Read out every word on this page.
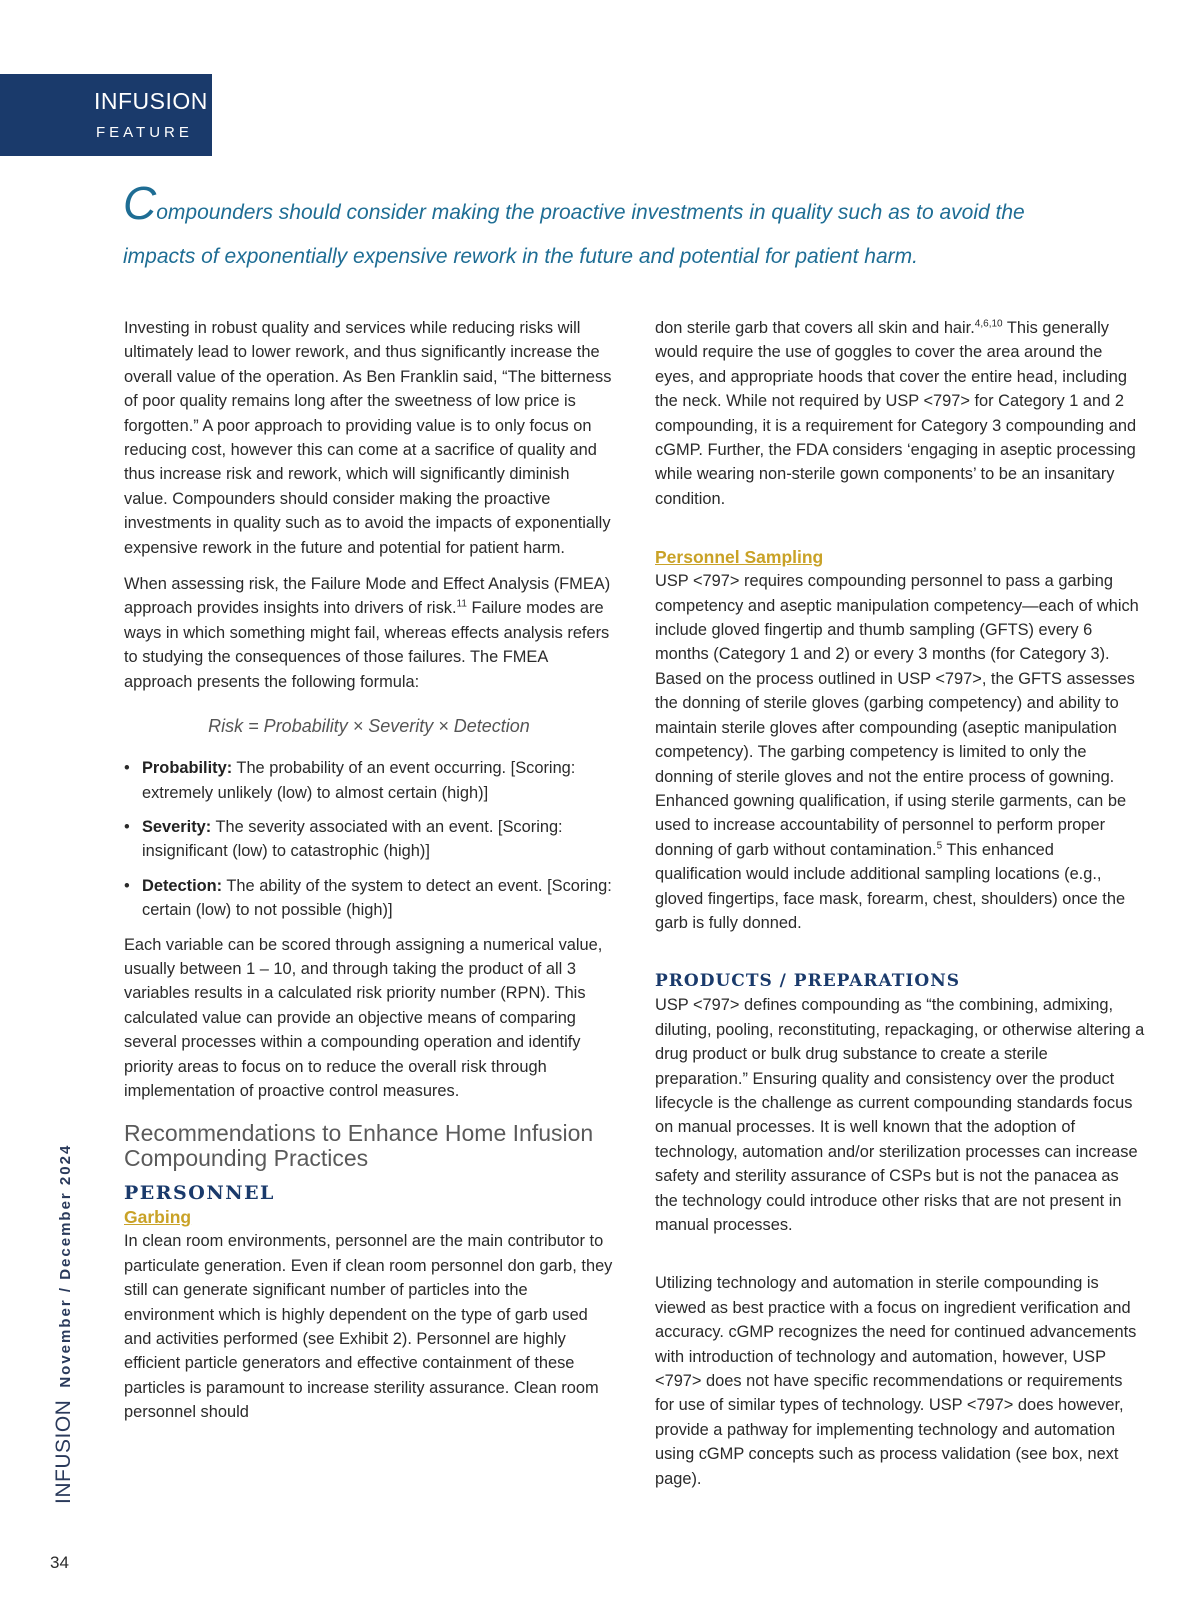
INFUSION
FEATURE
Compounders should consider making the proactive investments in quality such as to avoid the impacts of exponentially expensive rework in the future and potential for patient harm.

Investing in robust quality and services while reducing risks will ultimately lead to lower rework, and thus significantly increase the overall value of the operation. As Ben Franklin said, “The bitterness of poor quality remains long after the sweetness of low price is forgotten.” A poor approach to providing value is to only focus on reducing cost, however this can come at a sacrifice of quality and thus increase risk and rework, which will significantly diminish value. Compounders should consider making the proactive investments in quality such as to avoid the impacts of exponentially expensive rework in the future and potential for patient harm.

When assessing risk, the Failure Mode and Effect Analysis (FMEA) approach provides insights into drivers of risk.$^{11}$ Failure modes are ways in which something might fail, whereas effects analysis refers to studying the consequences of those failures. The FMEA approach presents the following formula:

Risk = Probability × Severity × Detection
• Probability: The probability of an event occurring. [Scoring: extremely unlikely (low) to almost certain (high)]
• Severity: The severity associated with an event. [Scoring: insignificant (low) to catastrophic (high)]
• Detection: The ability of the system to detect an event. [Scoring: certain (low) to not possible (high)]

Each variable can be scored through assigning a numerical value, usually between 1 – 10, and through taking the product of all 3 variables results in a calculated risk priority number (RPN). This calculated value can provide an objective means of comparing several processes within a compounding operation and identify priority areas to focus on to reduce the overall risk through implementation of proactive control measures.

Recommendations to Enhance Home Infusion Compounding Practices
PERSONNEL
Garbing

In clean room environments, personnel are the main contributor to particulate generation. Even if clean room personnel don garb, they still can generate significant number of particles into the environment which is highly dependent on the type of garb used and activities performed (see Exhibit 2). Personnel are highly efficient particle generators and effective containment of these particles is paramount to increase sterility assurance. Clean room personnel should

don sterile garb that covers all skin and hair.$^{4,6,10}$ This generally would require the use of goggles to cover the area around the eyes, and appropriate hoods that cover the entire head, including the neck. While not required by USP <797> for Category 1 and 2 compounding, it is a requirement for Category 3 compounding and cGMP. Further, the FDA considers ‘engaging in aseptic processing while wearing non-sterile gown components’ to be an insanitary condition.

Personnel Sampling

USP <797> requires compounding personnel to pass a garbing competency and aseptic manipulation competency—each of which include gloved fingertip and thumb sampling (GFTS) every 6 months (Category 1 and 2) or every 3 months (for Category 3). Based on the process outlined in USP <797>, the GFTS assesses the donning of sterile gloves (garbing competency) and ability to maintain sterile gloves after compounding (aseptic manipulation competency). The garbing competency is limited to only the donning of sterile gloves and not the entire process of gowning. Enhanced gowning qualification, if using sterile garments, can be used to increase accountability of personnel to perform proper donning of garb without contamination.$^5$ This enhanced qualification would include additional sampling locations (e.g., gloved fingertips, face mask, forearm, chest, shoulders) once the garb is fully donned.

PRODUCTS / PREPARATIONS

USP <797> defines compounding as “the combining, admixing, diluting, pooling, reconstituting, repackaging, or otherwise altering a drug product or bulk drug substance to create a sterile preparation.” Ensuring quality and consistency over the product lifecycle is the challenge as current compounding standards focus on manual processes. It is well known that the adoption of technology, automation and/or sterilization processes can increase safety and sterility assurance of CSPs but is not the panacea as the technology could introduce other risks that are not present in manual processes.

Utilizing technology and automation in sterile compounding is viewed as best practice with a focus on ingredient verification and accuracy. cGMP recognizes the need for continued advancements with introduction of technology and automation, however, USP <797> does not have specific recommendations or requirements for use of similar types of technology. USP <797> does however, provide a pathway for implementing technology and automation using cGMP concepts such as process validation (see box, next page).

INFUSIONNovember / December 2024
34
